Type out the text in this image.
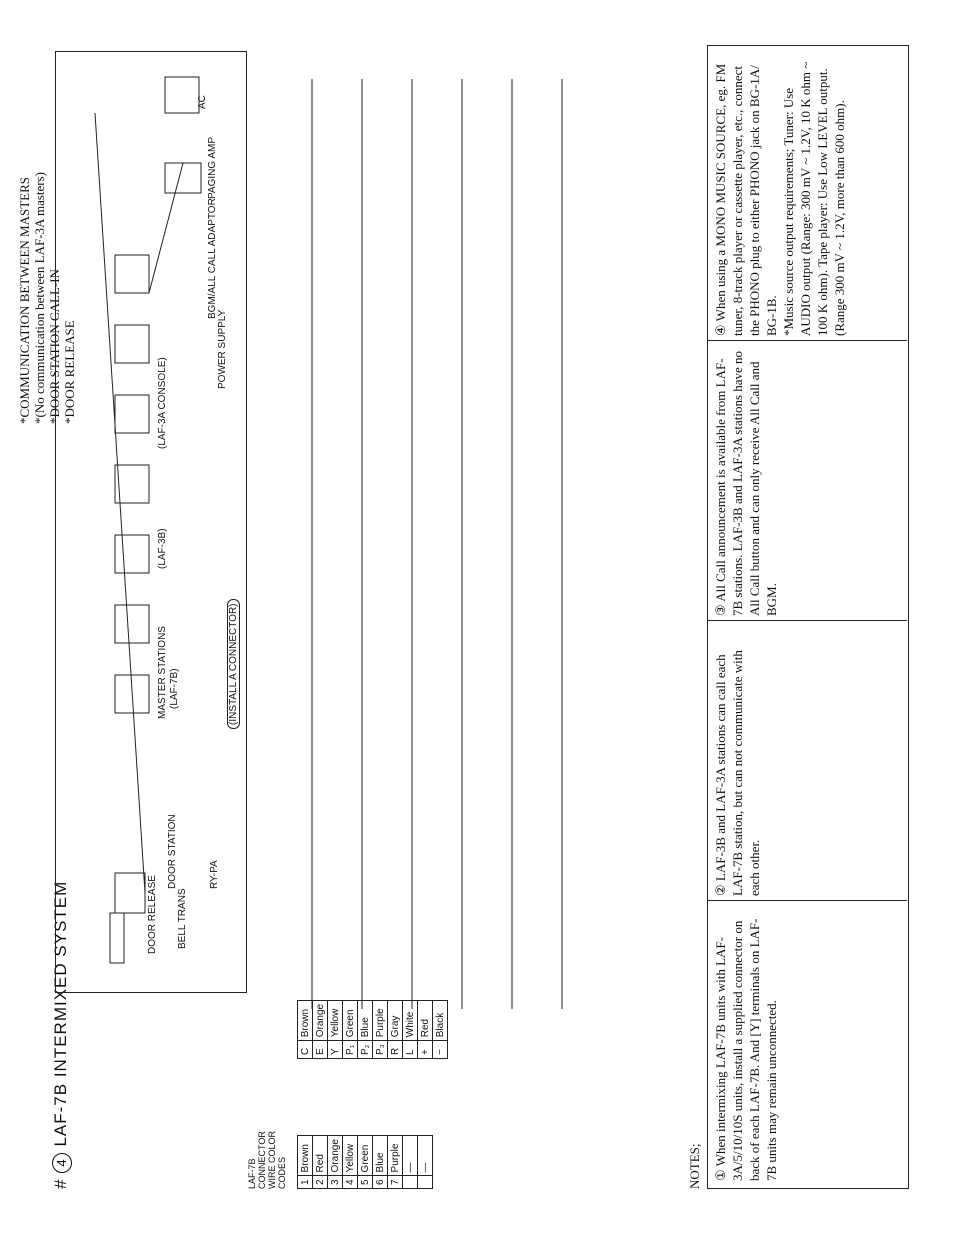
#4LAF-7B INTERMIXED SYSTEM
*COMMUNICATION BETWEEN MASTERS *(No communication between LAF-3A masters) *DOOR STATION CALL-IN *DOOR RELEASE
DOOR RELEASE BELL TRANS
DOOR STATION	RY-PA
MASTER STATIONS (LAF-7B)
(LAF-3B)
(LAF-3A CONSOLE)
(INSTALL A CONNECTOR)
POWER SUPPLY
BGM/ALL CALL ADAPTOR
PAGING AMP
AC
LAF-7B CONNECTOR WIRE COLOR CODES 1	Brown
2	Red
3	Orange
4	Yellow
5	Green
6	Blue
7	Purple
	—
	—
C	Brown
E	Orange
Y	Yellow
P₁	Green
P₂	Blue
P₃	Purple
R	Gray
L	White
+	Red
−	Black
NOTES; ① When intermixing LAF-7B units with LAF-3A/5/10/10S units, install a supplied connector on back of each LAF-7B. And [Y] terminals on LAF-7B units may remain unconnected.
② LAF-3B and LAF-3A stations can call each LAF-7B station, but can not communicate with each other.
③ All Call announcement is available from LAF-7B stations. LAF-3B and LAF-3A stations have no All Call button and can only receive All Call and BGM.
④ When using a MONO MUSIC SOURCE, eg. FM tuner, 8-track player or cassette player, etc., connect the PHONO plug to either PHONO jack on BG-1A/ BG-1B. *Music source output requirements; Tuner: Use AUDIO output (Range: 300 mV ~ 1.2V, 10 K ohm ~ 100 K ohm). Tape player: Use Low LEVEL output. (Range 300 mV ~ 1.2V, more than 600 ohm).
